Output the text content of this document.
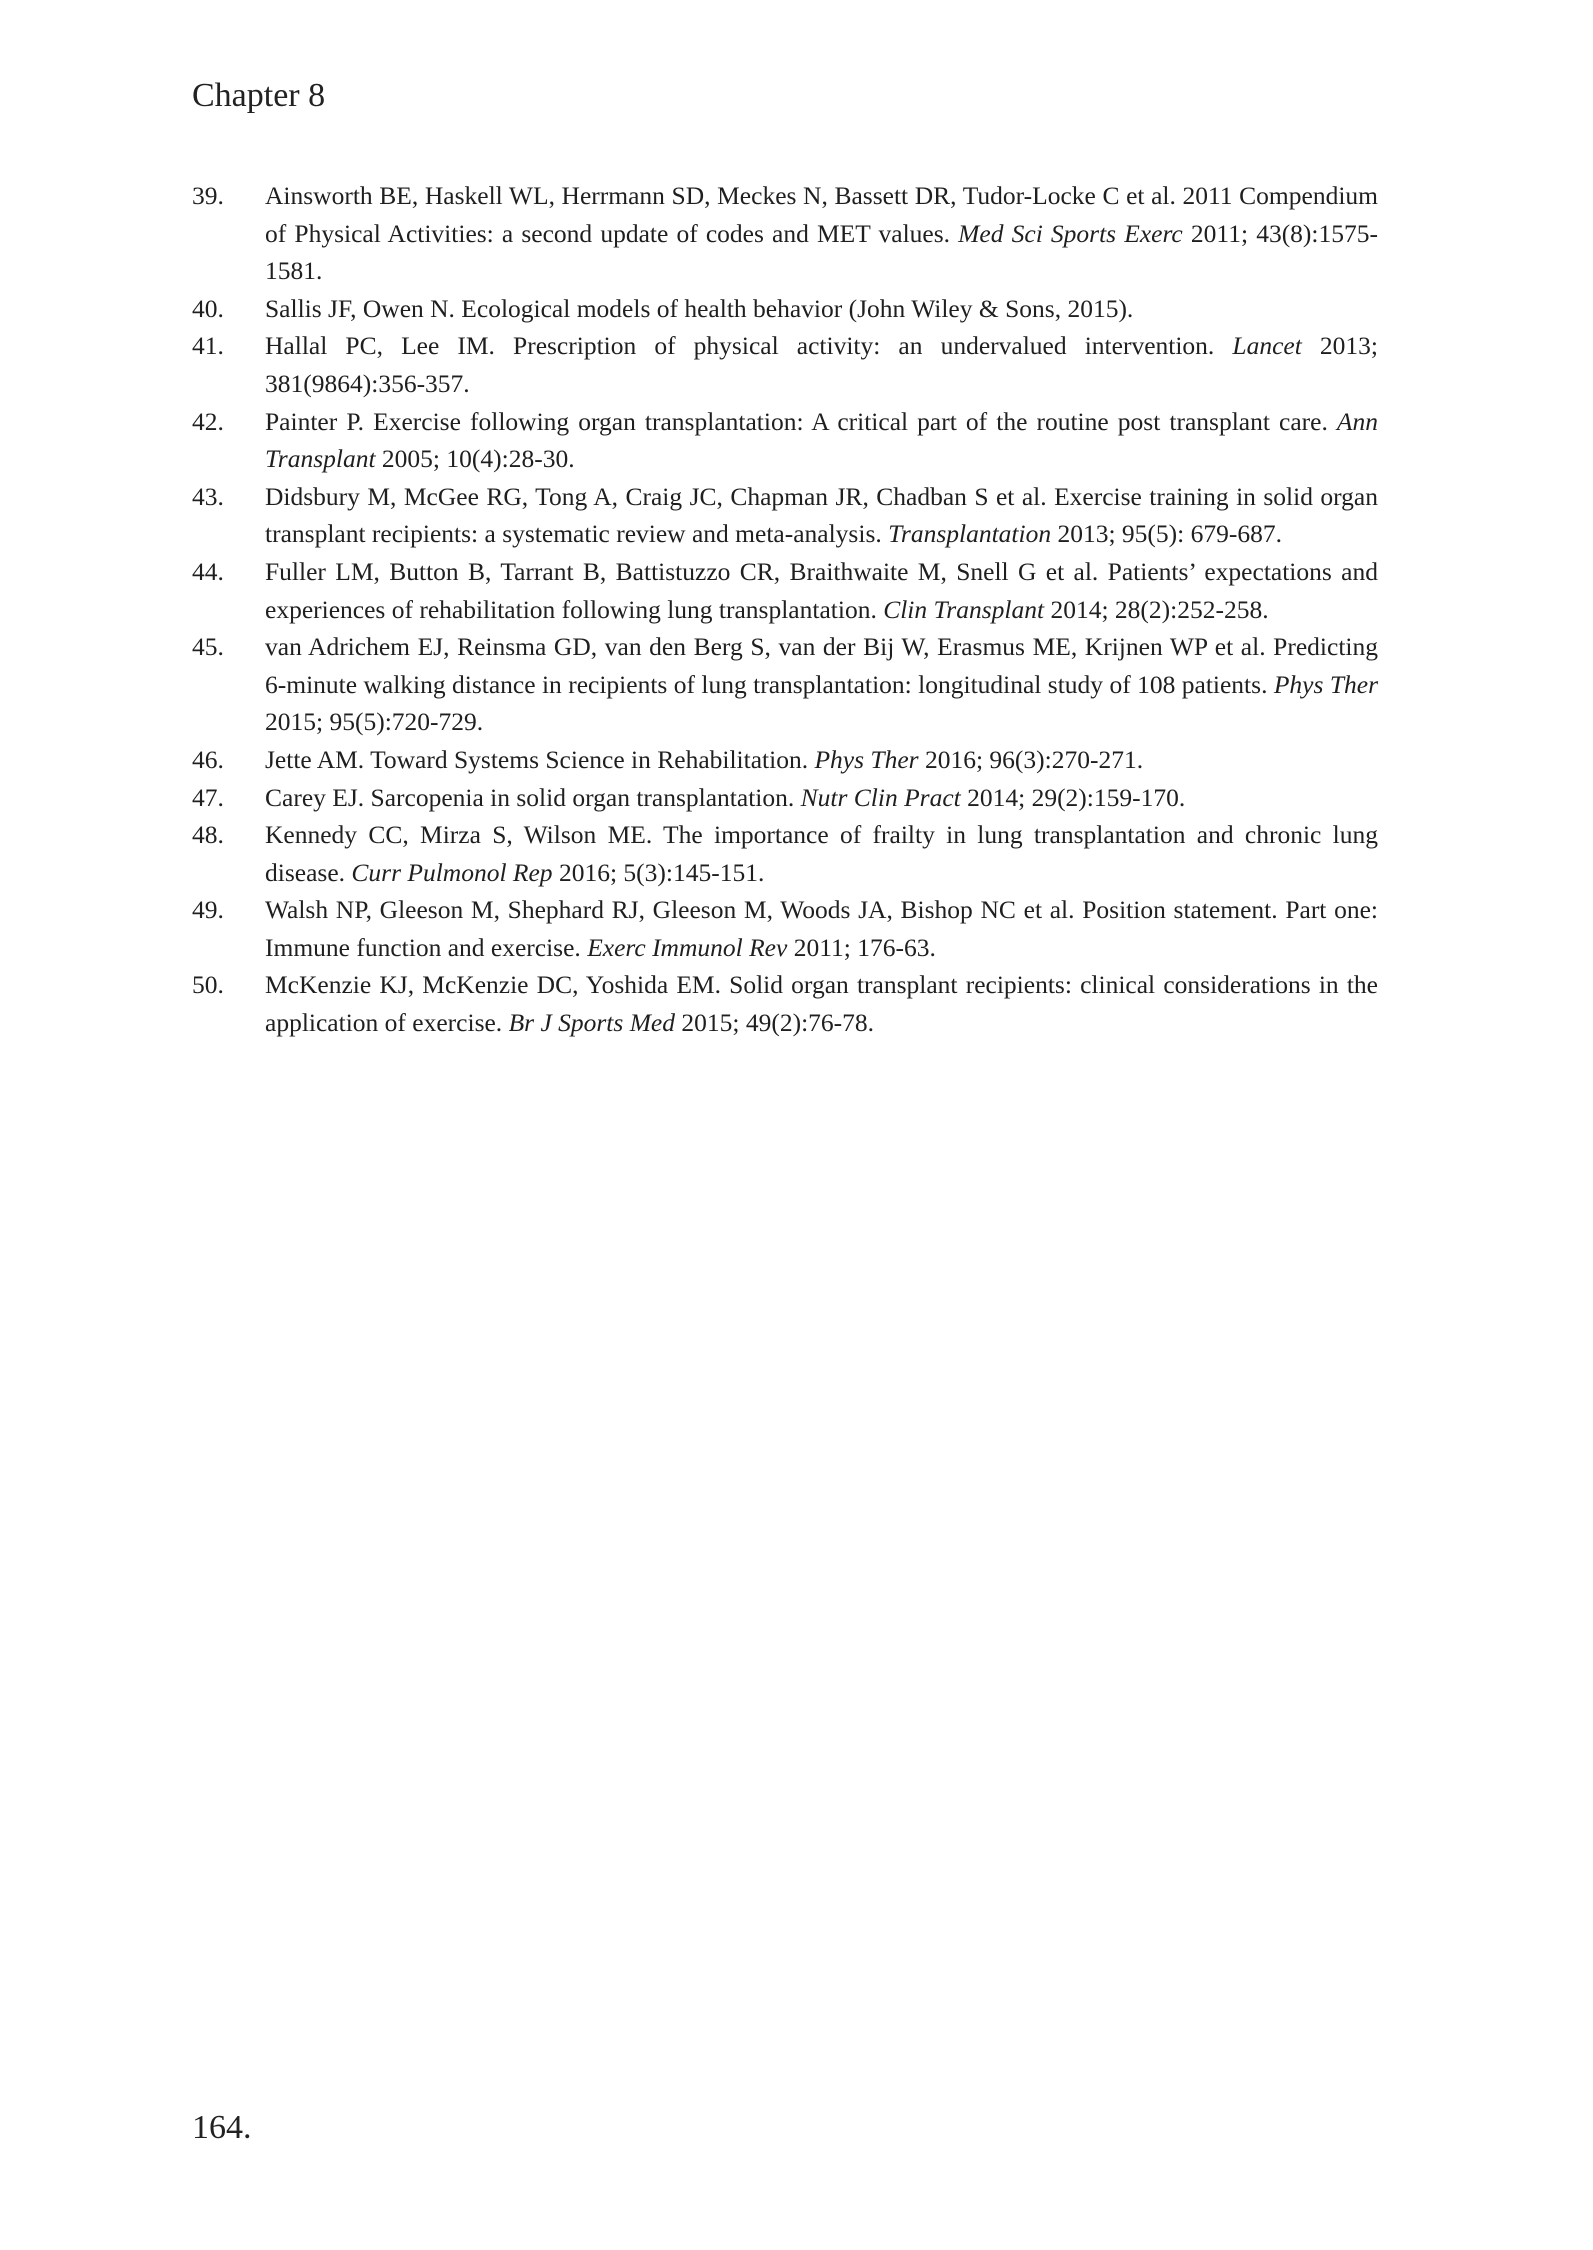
Chapter 8
39. Ainsworth BE, Haskell WL, Herrmann SD, Meckes N, Bassett DR, Tudor-Locke C et al. 2011 Compendium of Physical Activities: a second update of codes and MET values. Med Sci Sports Exerc 2011; 43(8):1575-1581.
40. Sallis JF, Owen N. Ecological models of health behavior (John Wiley & Sons, 2015).
41. Hallal PC, Lee IM. Prescription of physical activity: an undervalued intervention. Lancet 2013; 381(9864):356-357.
42. Painter P. Exercise following organ transplantation: A critical part of the routine post transplant care. Ann Transplant 2005; 10(4):28-30.
43. Didsbury M, McGee RG, Tong A, Craig JC, Chapman JR, Chadban S et al. Exercise training in solid organ transplant recipients: a systematic review and meta-analysis. Transplantation 2013; 95(5): 679-687.
44. Fuller LM, Button B, Tarrant B, Battistuzzo CR, Braithwaite M, Snell G et al. Patients’ expectations and experiences of rehabilitation following lung transplantation. Clin Transplant 2014; 28(2):252-258.
45. van Adrichem EJ, Reinsma GD, van den Berg S, van der Bij W, Erasmus ME, Krijnen WP et al. Predicting 6-minute walking distance in recipients of lung transplantation: longitudinal study of 108 patients. Phys Ther 2015; 95(5):720-729.
46. Jette AM. Toward Systems Science in Rehabilitation. Phys Ther 2016; 96(3):270-271.
47. Carey EJ. Sarcopenia in solid organ transplantation. Nutr Clin Pract 2014; 29(2):159-170.
48. Kennedy CC, Mirza S, Wilson ME. The importance of frailty in lung transplantation and chronic lung disease. Curr Pulmonol Rep 2016; 5(3):145-151.
49. Walsh NP, Gleeson M, Shephard RJ, Gleeson M, Woods JA, Bishop NC et al. Position statement. Part one: Immune function and exercise. Exerc Immunol Rev 2011; 176-63.
50. McKenzie KJ, McKenzie DC, Yoshida EM. Solid organ transplant recipients: clinical considerations in the application of exercise. Br J Sports Med 2015; 49(2):76-78.
164.
